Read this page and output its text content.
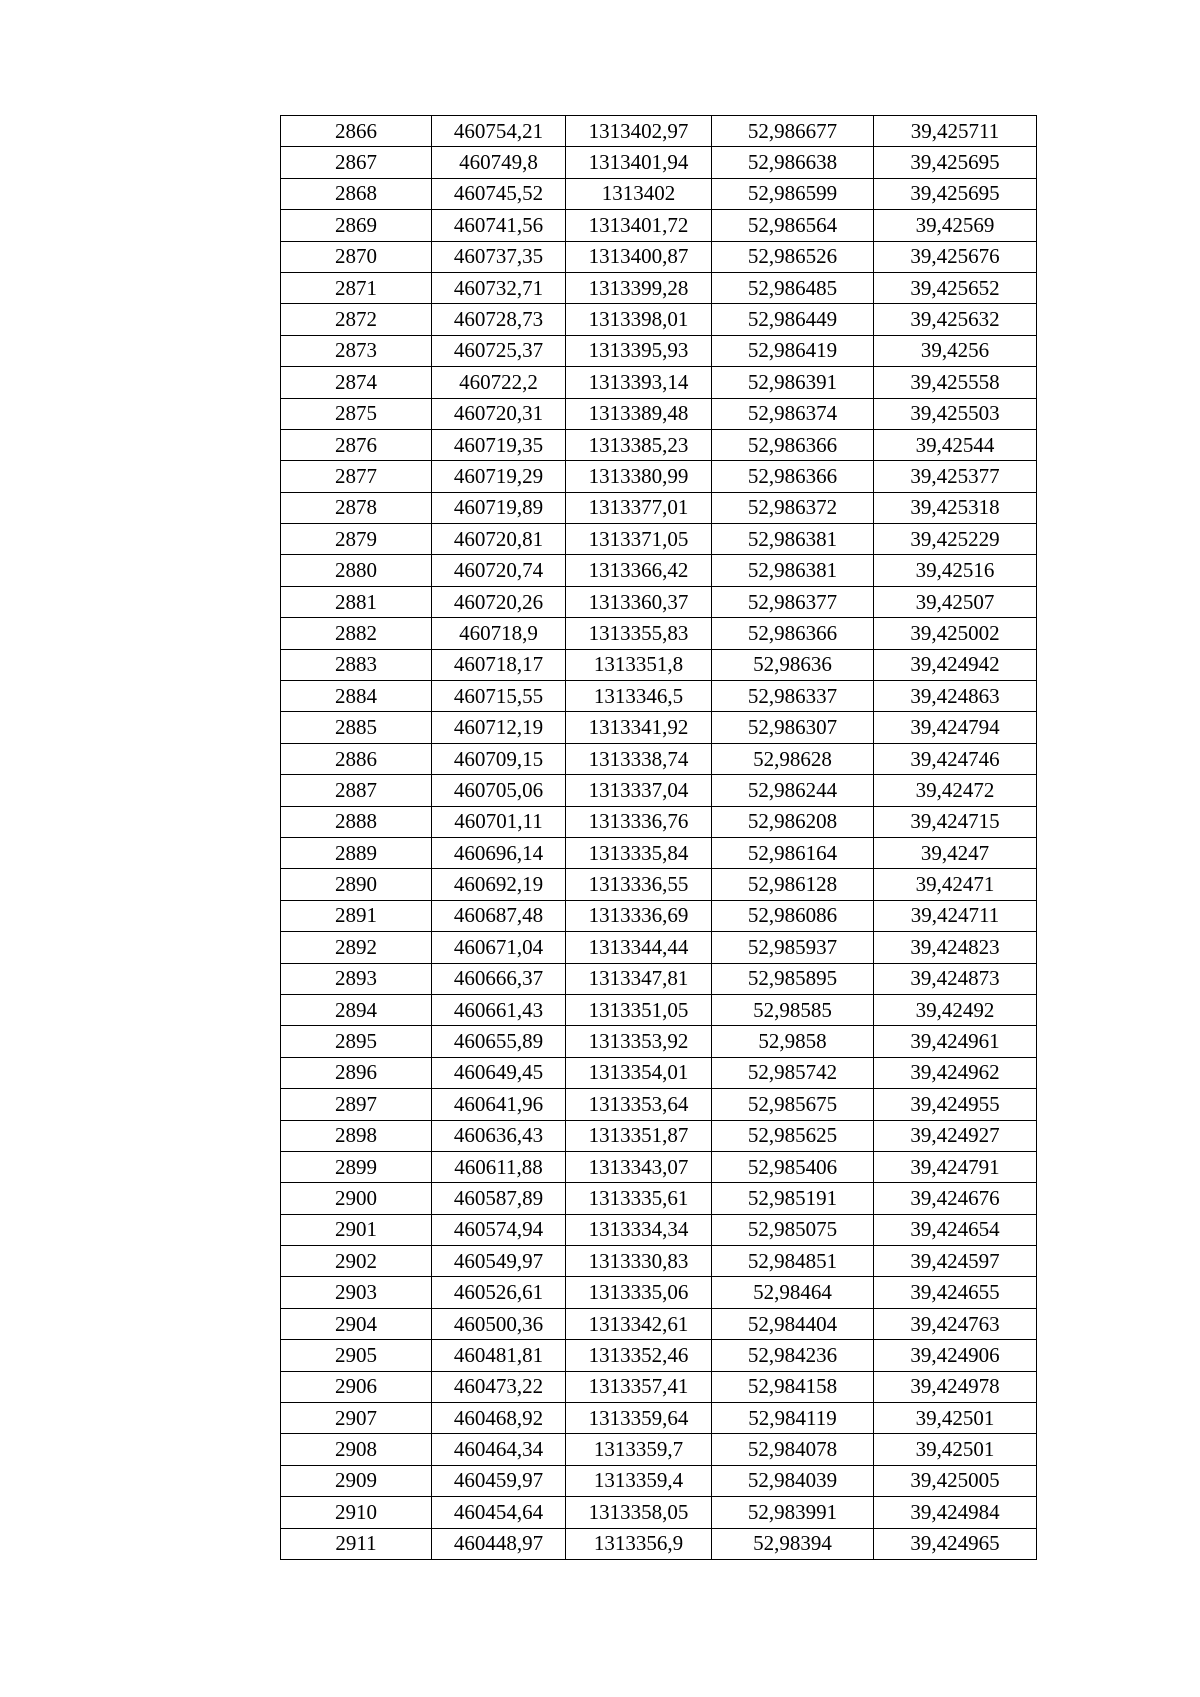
2866	460754,21	1313402,97	52,986677	39,425711
2867	460749,8	1313401,94	52,986638	39,425695
2868	460745,52	1313402	52,986599	39,425695
2869	460741,56	1313401,72	52,986564	39,42569
2870	460737,35	1313400,87	52,986526	39,425676
2871	460732,71	1313399,28	52,986485	39,425652
2872	460728,73	1313398,01	52,986449	39,425632
2873	460725,37	1313395,93	52,986419	39,4256
2874	460722,2	1313393,14	52,986391	39,425558
2875	460720,31	1313389,48	52,986374	39,425503
2876	460719,35	1313385,23	52,986366	39,42544
2877	460719,29	1313380,99	52,986366	39,425377
2878	460719,89	1313377,01	52,986372	39,425318
2879	460720,81	1313371,05	52,986381	39,425229
2880	460720,74	1313366,42	52,986381	39,42516
2881	460720,26	1313360,37	52,986377	39,42507
2882	460718,9	1313355,83	52,986366	39,425002
2883	460718,17	1313351,8	52,98636	39,424942
2884	460715,55	1313346,5	52,986337	39,424863
2885	460712,19	1313341,92	52,986307	39,424794
2886	460709,15	1313338,74	52,98628	39,424746
2887	460705,06	1313337,04	52,986244	39,42472
2888	460701,11	1313336,76	52,986208	39,424715
2889	460696,14	1313335,84	52,986164	39,4247
2890	460692,19	1313336,55	52,986128	39,42471
2891	460687,48	1313336,69	52,986086	39,424711
2892	460671,04	1313344,44	52,985937	39,424823
2893	460666,37	1313347,81	52,985895	39,424873
2894	460661,43	1313351,05	52,98585	39,42492
2895	460655,89	1313353,92	52,9858	39,424961
2896	460649,45	1313354,01	52,985742	39,424962
2897	460641,96	1313353,64	52,985675	39,424955
2898	460636,43	1313351,87	52,985625	39,424927
2899	460611,88	1313343,07	52,985406	39,424791
2900	460587,89	1313335,61	52,985191	39,424676
2901	460574,94	1313334,34	52,985075	39,424654
2902	460549,97	1313330,83	52,984851	39,424597
2903	460526,61	1313335,06	52,98464	39,424655
2904	460500,36	1313342,61	52,984404	39,424763
2905	460481,81	1313352,46	52,984236	39,424906
2906	460473,22	1313357,41	52,984158	39,424978
2907	460468,92	1313359,64	52,984119	39,42501
2908	460464,34	1313359,7	52,984078	39,42501
2909	460459,97	1313359,4	52,984039	39,425005
2910	460454,64	1313358,05	52,983991	39,424984
2911	460448,97	1313356,9	52,98394	39,424965
